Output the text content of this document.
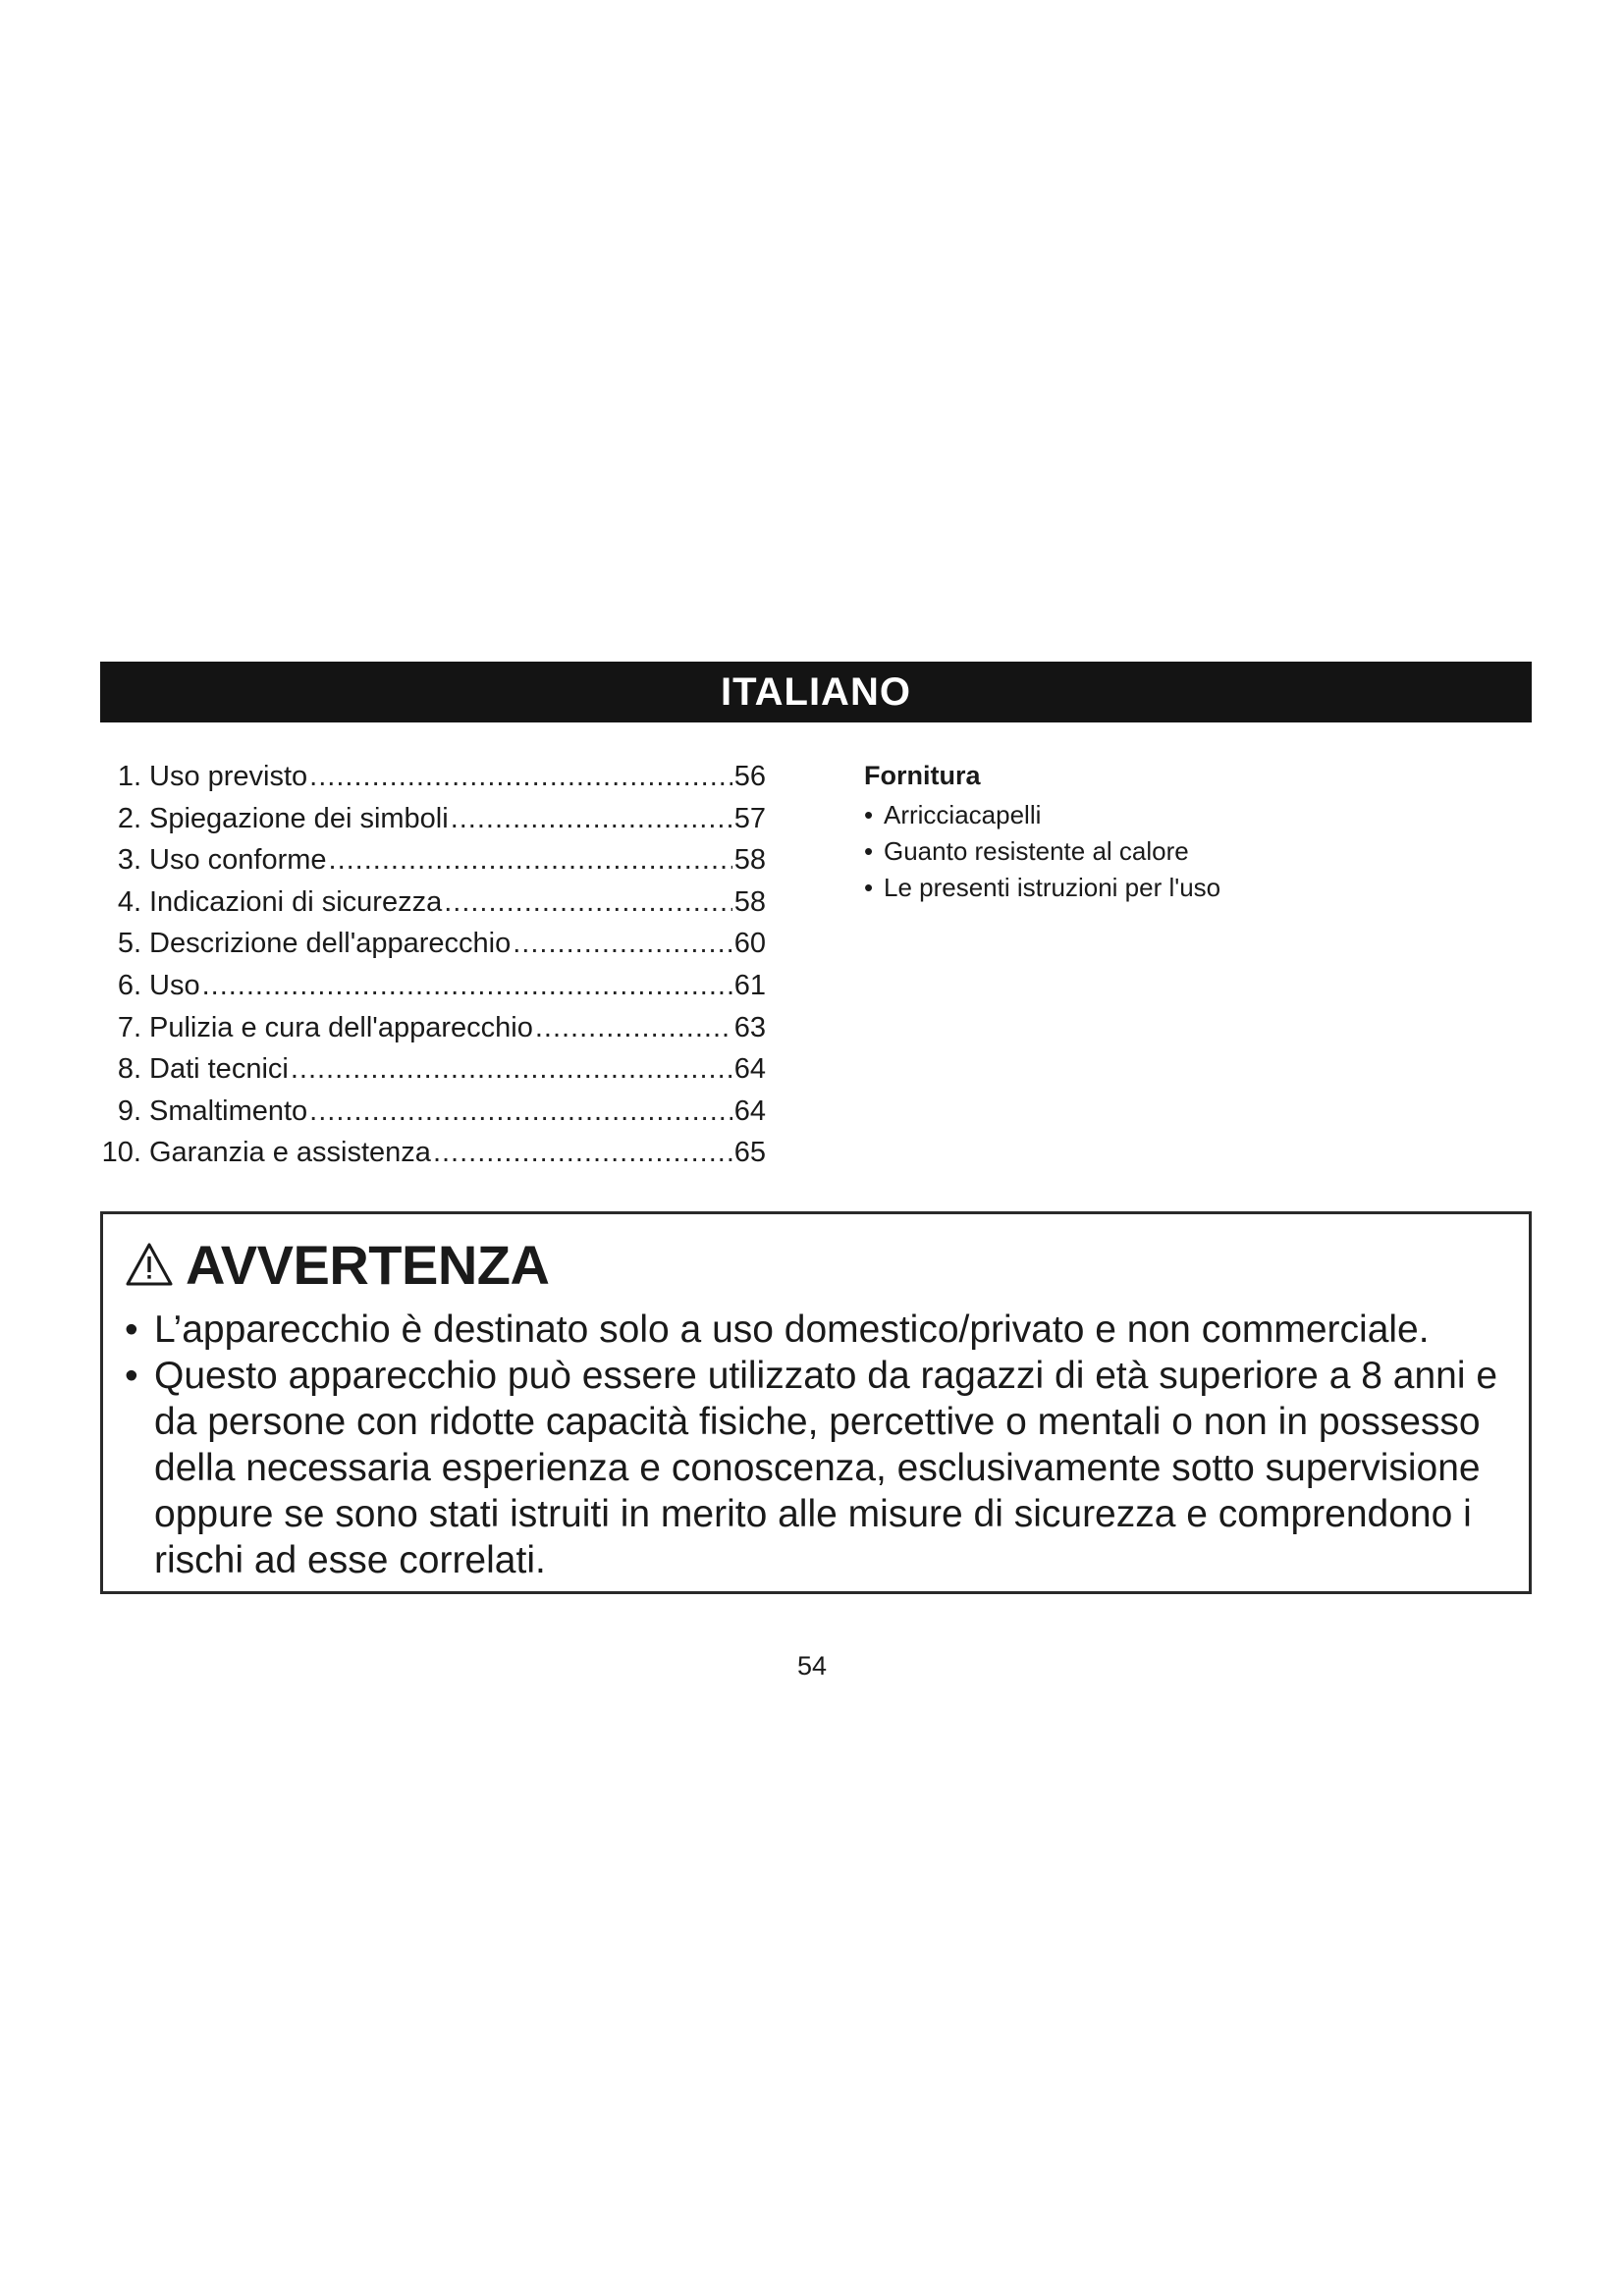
ITALIANO
1. Uso previsto .....	56
2. Spiegazione dei simboli .....	57
3. Uso conforme .....	58
4. Indicazioni di sicurezza .....	58
5. Descrizione dell'apparecchio .....	60
6. Uso .....	61
7. Pulizia e cura dell'apparecchio .....	63
8. Dati tecnici .....	64
9. Smaltimento .....	64
10. Garanzia e assistenza .....	65
Fornitura
• Arricciacapelli
• Guanto resistente al calore
• Le presenti istruzioni per l'uso
AVVERTENZA
• L’apparecchio è destinato solo a uso domestico/privato e non commerciale.
• Questo apparecchio può essere utilizzato da ragazzi di età superiore a 8 anni e da persone con ridotte capacità fisiche, percettive o mentali o non in possesso della necessaria esperienza e conoscenza, esclusivamente sotto supervisione oppure se sono stati istruiti in merito alle misure di sicurezza e comprendono i rischi ad esse correlati.
54
